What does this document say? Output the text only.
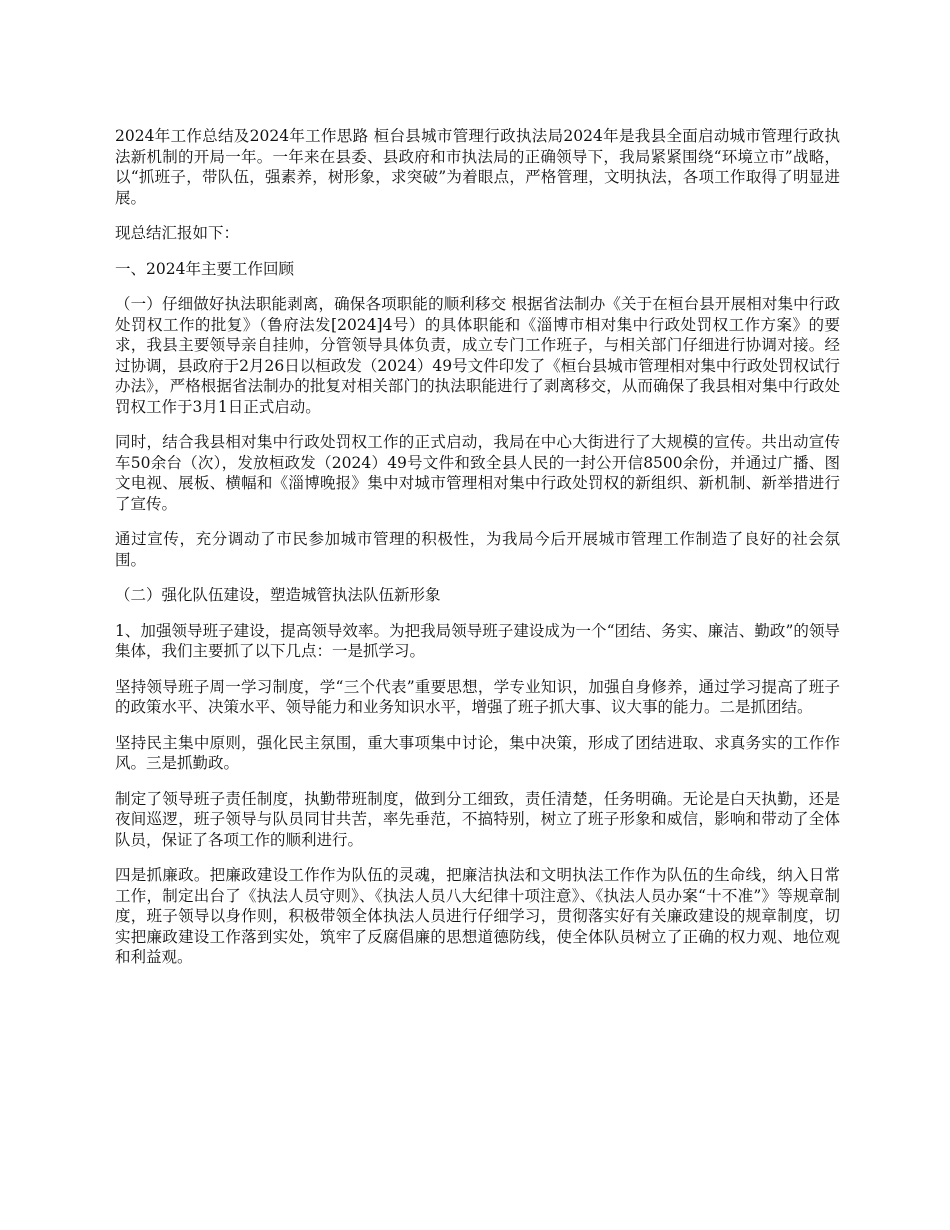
2024年工作总结及2024年工作思路 桓台县城市管理行政执法局2024年是我县全面启动城市管理行政执法新机制的开局一年。一年来在县委、县政府和市执法局的正确领导下，我局紧紧围绕“环境立市”战略，以“抓班子，带队伍，强素养，树形象，求突破”为着眼点，严格管理，文明执法，各项工作取得了明显进展。

现总结汇报如下：

一、2024年主要工作回顾

（一）仔细做好执法职能剥离，确保各项职能的顺利移交 根据省法制办《关于在桓台县开展相对集中行政处罚权工作的批复》（鲁府法发[2024]4号）的具体职能和《淄博市相对集中行政处罚权工作方案》的要求，我县主要领导亲自挂帅，分管领导具体负责，成立专门工作班子，与相关部门仔细进行协调对接。经过协调，县政府于2月26日以桓政发（2024）49号文件印发了《桓台县城市管理相对集中行政处罚权试行办法》，严格根据省法制办的批复对相关部门的执法职能进行了剥离移交，从而确保了我县相对集中行政处罚权工作于3月1日正式启动。

同时，结合我县相对集中行政处罚权工作的正式启动，我局在中心大街进行了大规模的宣传。共出动宣传车50余台（次），发放桓政发（2024）49号文件和致全县人民的一封公开信8500余份，并通过广播、图文电视、展板、横幅和《淄博晚报》集中对城市管理相对集中行政处罚权的新组织、新机制、新举措进行了宣传。

通过宣传，充分调动了市民参加城市管理的积极性，为我局今后开展城市管理工作制造了良好的社会氛围。

（二）强化队伍建设，塑造城管执法队伍新形象

1、加强领导班子建设，提高领导效率。为把我局领导班子建设成为一个“团结、务实、廉洁、勤政”的领导集体，我们主要抓了以下几点：一是抓学习。

坚持领导班子周一学习制度，学“三个代表”重要思想，学专业知识，加强自身修养，通过学习提高了班子的政策水平、决策水平、领导能力和业务知识水平，增强了班子抓大事、议大事的能力。二是抓团结。

坚持民主集中原则，强化民主氛围，重大事项集中讨论，集中决策，形成了团结进取、求真务实的工作作风。三是抓勤政。

制定了领导班子责任制度，执勤带班制度，做到分工细致，责任清楚，任务明确。无论是白天执勤，还是夜间巡逻，班子领导与队员同甘共苦，率先垂范，不搞特别，树立了班子形象和威信，影响和带动了全体队员，保证了各项工作的顺利进行。

四是抓廉政。把廉政建设工作作为队伍的灵魂，把廉洁执法和文明执法工作作为队伍的生命线，纳入日常工作，制定出台了《执法人员守则》、《执法人员八大纪律十项注意》、《执法人员办案“十不准”》等规章制度，班子领导以身作则，积极带领全体执法人员进行仔细学习，贯彻落实好有关廉政建设的规章制度，切实把廉政建设工作落到实处，筑牢了反腐倡廉的思想道德防线，使全体队员树立了正确的权力观、地位观和利益观。
